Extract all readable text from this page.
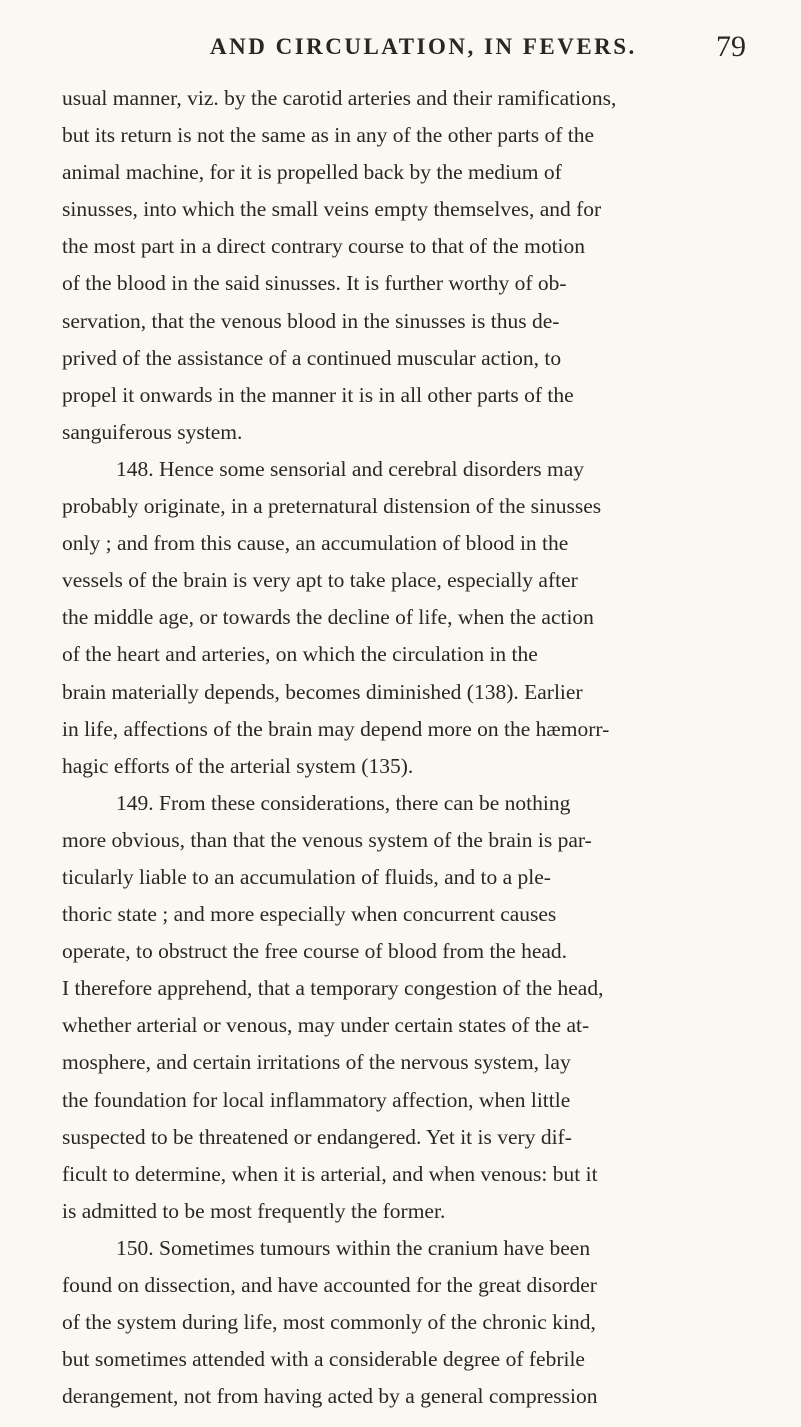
AND CIRCULATION, IN FEVERS.	79
usual manner, viz. by the carotid arteries and their ramifications,
but its return is not the same as in any of the other parts of the
animal machine, for it is propelled back by the medium of
sinusses, into which the small veins empty themselves, and for
the most part in a direct contrary course to that of the motion
of the blood in the said sinusses. It is further worthy of ob-
servation, that the venous blood in the sinusses is thus de-
prived of the assistance of a continued muscular action, to
propel it onwards in the manner it is in all other parts of the
sanguiferous system.
148. Hence some sensorial and cerebral disorders may
probably originate, in a preternatural distension of the sinusses
only ; and from this cause, an accumulation of blood in the
vessels of the brain is very apt to take place, especially after
the middle age, or towards the decline of life, when the action
of the heart and arteries, on which the circulation in the
brain materially depends, becomes diminished (138). Earlier
in life, affections of the brain may depend more on the hæmorr-
hagic efforts of the arterial system (135).
149. From these considerations, there can be nothing
more obvious, than that the venous system of the brain is par-
ticularly liable to an accumulation of fluids, and to a ple-
thoric state ; and more especially when concurrent causes
operate, to obstruct the free course of blood from the head.
I therefore apprehend, that a temporary congestion of the head,
whether arterial or venous, may under certain states of the at-
mosphere, and certain irritations of the nervous system, lay
the foundation for local inflammatory affection, when little
suspected to be threatened or endangered. Yet it is very dif-
ficult to determine, when it is arterial, and when venous: but it
is admitted to be most frequently the former.
150. Sometimes tumours within the cranium have been
found on dissection, and have accounted for the great disorder
of the system during life, most commonly of the chronic kind,
but sometimes attended with a considerable degree of febrile
derangement, not from having acted by a general compression
